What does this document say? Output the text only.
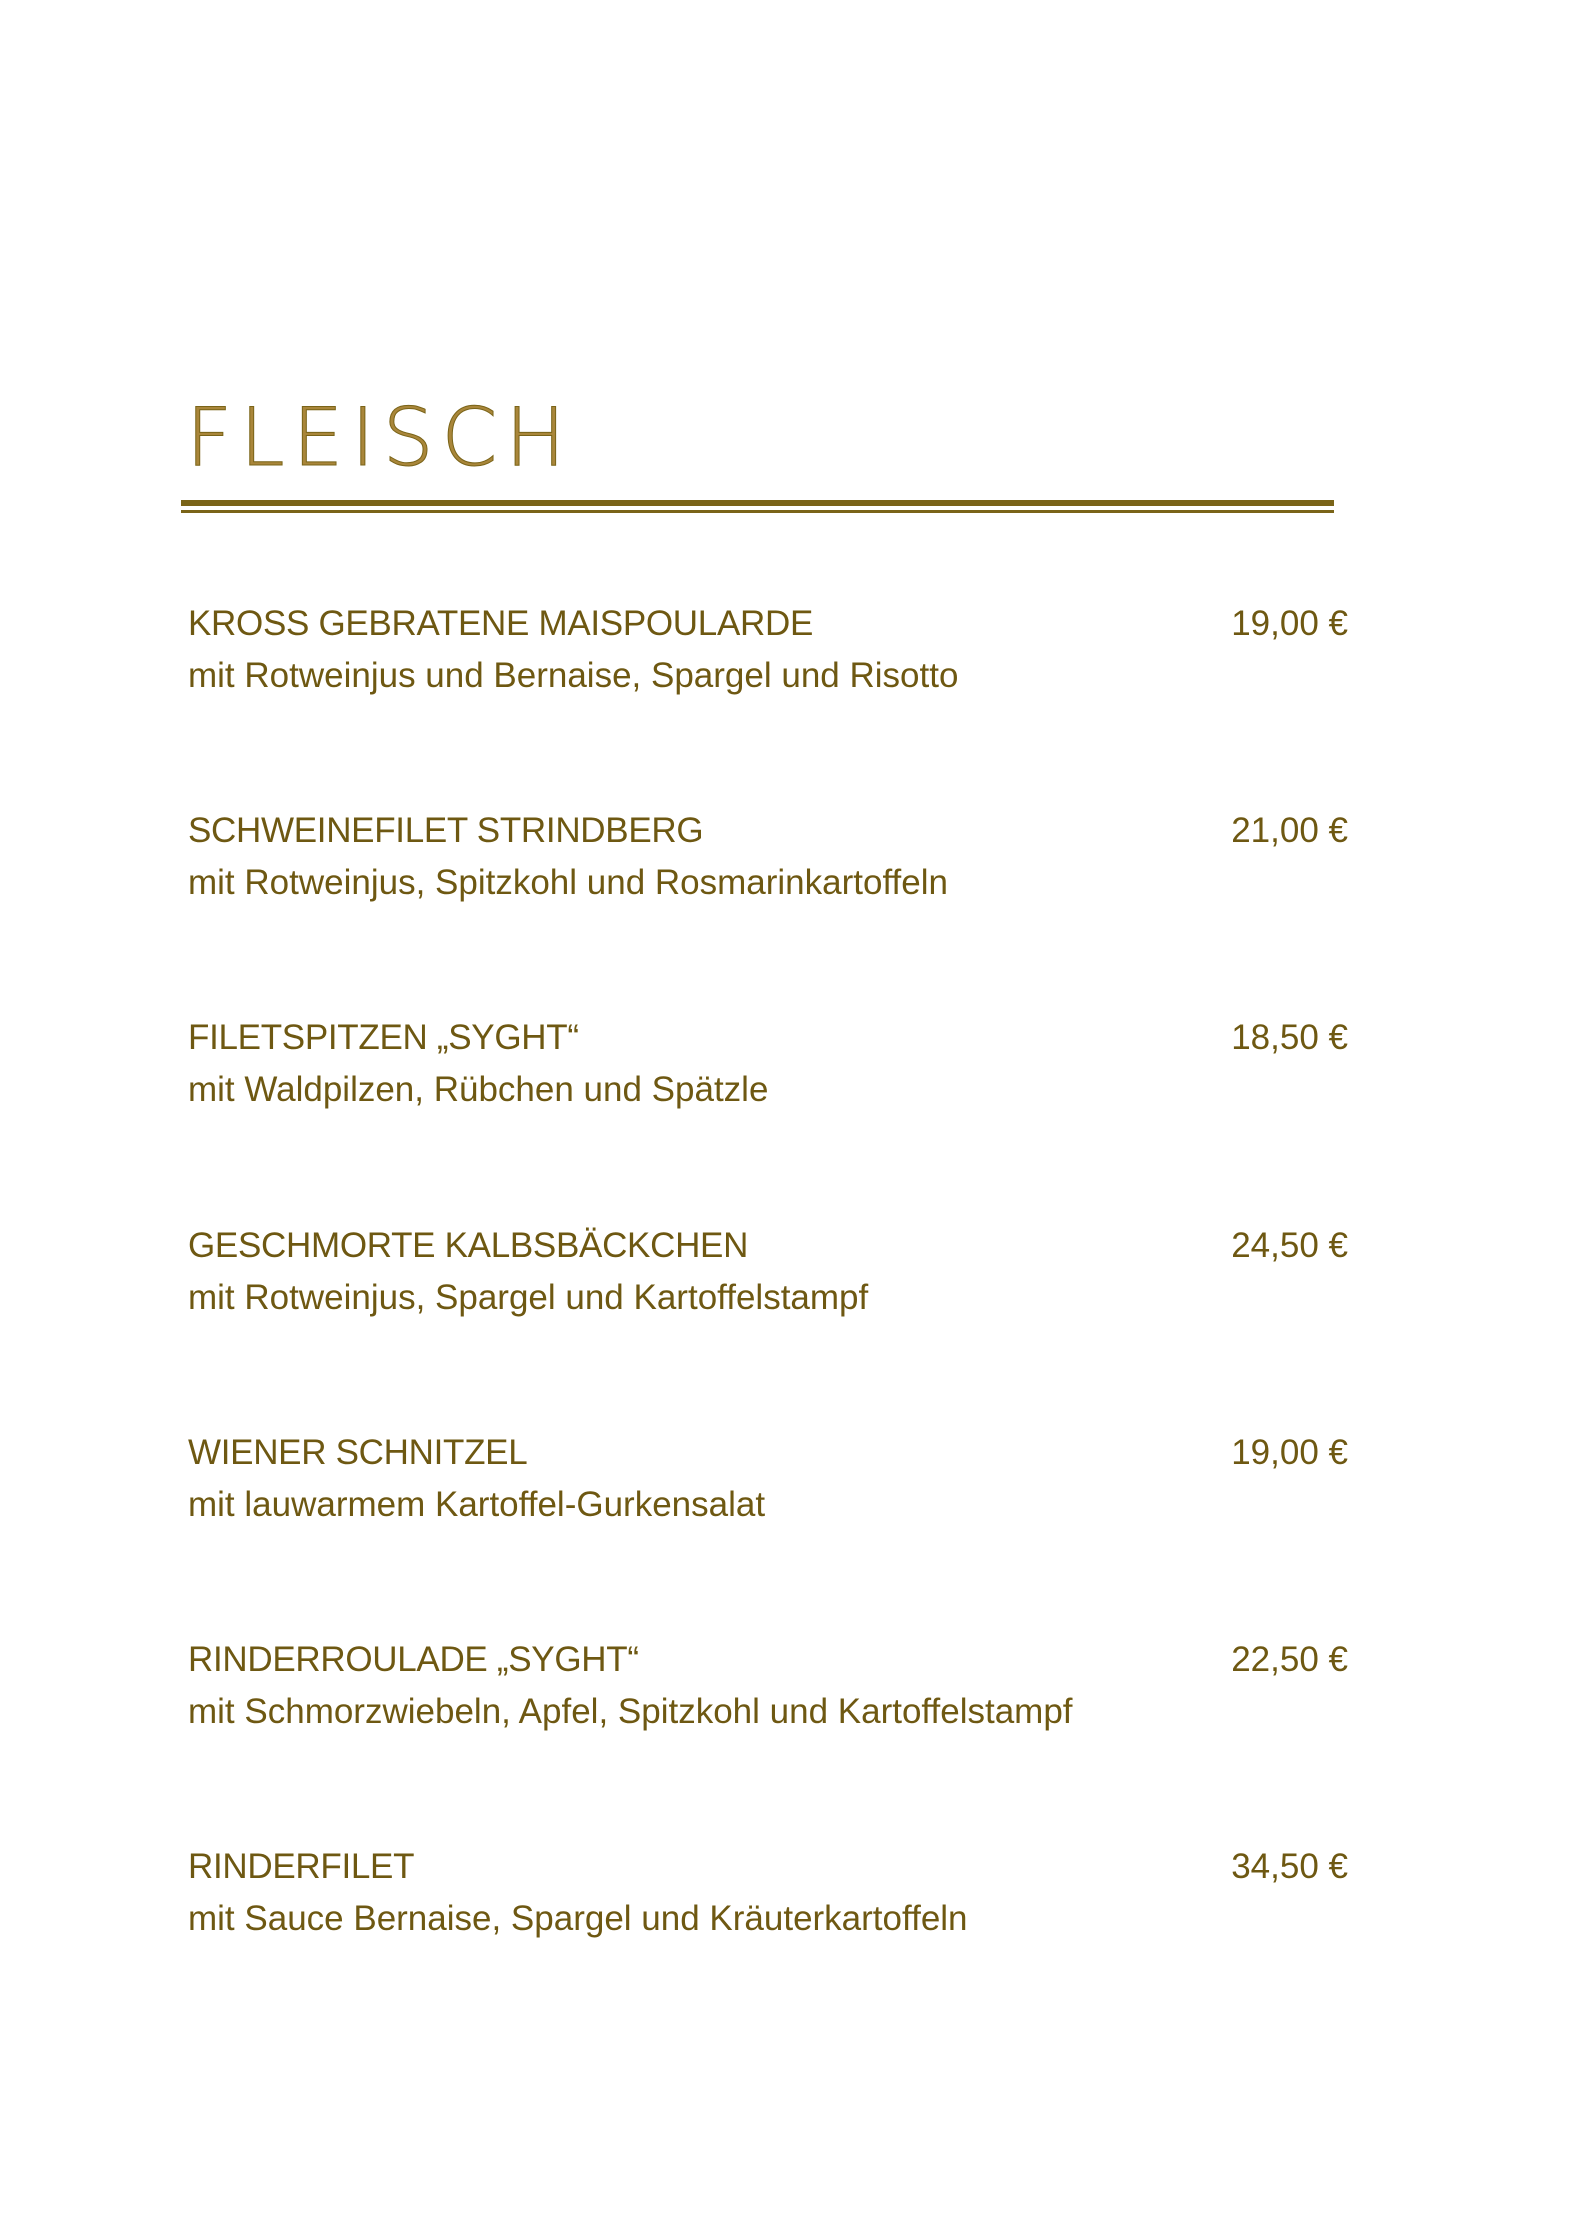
FLEISCH
KROSS GEBRATENE MAISPOULARDE
mit Rotweinjus und Bernaise, Spargel und Risotto
19,00 €
SCHWEINEFILET STRINDBERG
mit Rotweinjus, Spitzkohl und Rosmarinkartoffeln
21,00 €
FILETSPITZEN „SYGHT“
mit Waldpilzen, Rübchen und Spätzle
18,50 €
GESCHMORTE KALBSBÄCKCHEN
mit Rotweinjus, Spargel und Kartoffelstampf
24,50 €
WIENER SCHNITZEL
mit lauwarmem Kartoffel-Gurkensalat
19,00 €
RINDERROULADE „SYGHT“
mit Schmorzwiebeln, Apfel, Spitzkohl und Kartoffelstampf
22,50 €
RINDERFILET
mit Sauce Bernaise, Spargel und Kräuterkartoffeln
34,50 €
